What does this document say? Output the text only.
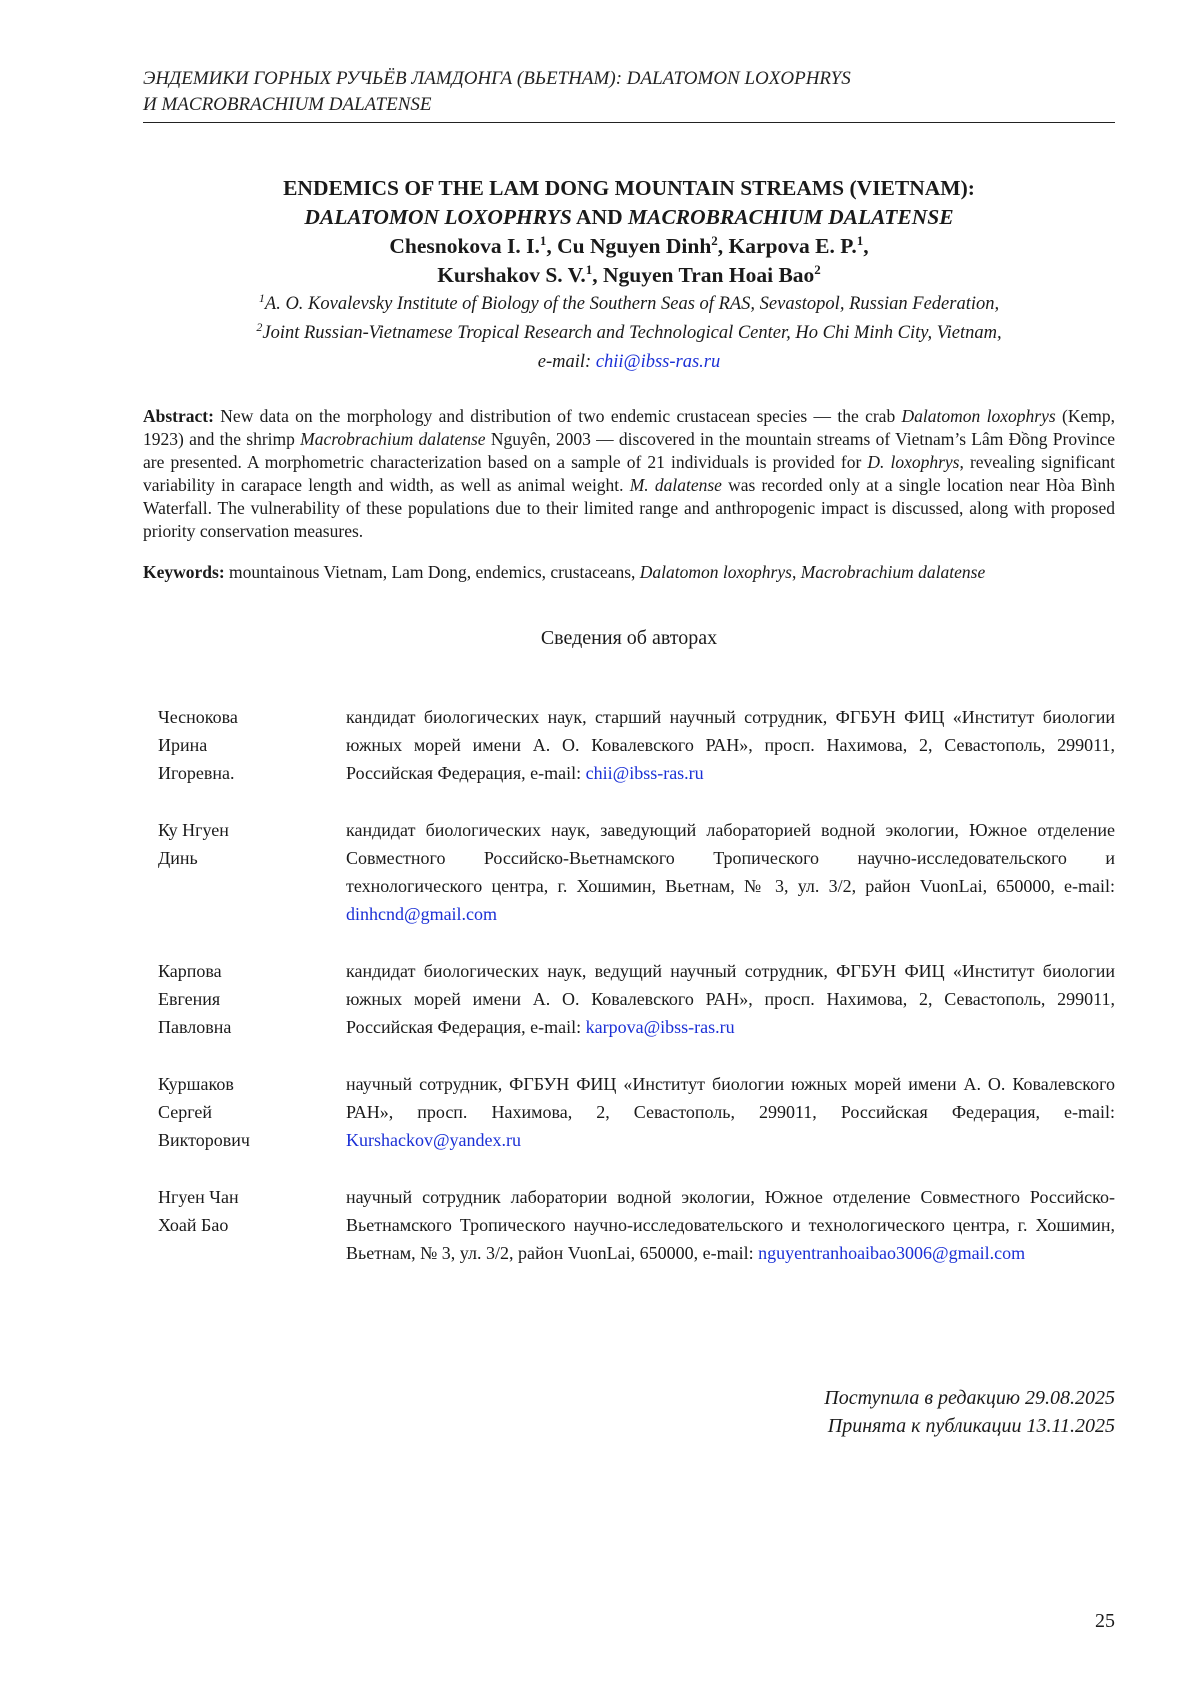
ЭНДЕМИКИ ГОРНЫХ РУЧЬЁВ ЛАМДОНГА (ВЬЕТНАМ): DALATOMON LOXOPHRYS
И MACROBRACHIUM DALATENSE
ENDEMICS OF THE LAM DONG MOUNTAIN STREAMS (VIETNAM):
DALATOMON LOXOPHRYS AND MACROBRACHIUM DALATENSE
Chesnokova I. I.$^1$, Cu Nguyen Dinh$^2$, Karpova E. P.$^1$,
Kurshakov S. V.$^1$, Nguyen Tran Hoai Bao$^2$
$^1$A. O. Kovalevsky Institute of Biology of the Southern Seas of RAS, Sevastopol, Russian Federation,
$^2$Joint Russian-Vietnamese Tropical Research and Technological Center, Ho Chi Minh City, Vietnam,
e-mail: chii@ibss-ras.ru
Abstract: New data on the morphology and distribution of two endemic crustacean species — the crab Dalatomon loxophrys (Kemp, 1923) and the shrimp Macrobrachium dalatense Nguyên, 2003 — discovered in the mountain streams of Vietnam’s Lâm Đồng Province are presented. A morphometric characterization based on a sample of 21 individuals is provided for D. loxophrys, revealing significant variability in carapace length and width, as well as animal weight. M. dalatense was recorded only at a single location near Hòa Bình Waterfall. The vulnerability of these populations due to their limited range and anthropogenic impact is discussed, along with proposed priority conservation measures.
Keywords: mountainous Vietnam, Lam Dong, endemics, crustaceans, Dalatomon loxophrys, Macrobrachium dalatense
Сведения об авторах
Чеснокова
Ирина
Игоревна.
кандидат биологических наук, старший научный сотрудник, ФГБУН ФИЦ «Институт биологии южных морей имени А. О. Ковалевского РАН», просп. Нахимова, 2, Севастополь, 299011, Российская Федерация, e-mail: chii@ibss-ras.ru
Ку Нгуен
Динь
кандидат биологических наук, заведующий лабораторией водной экологии, Южное отделение Совместного Российско-Вьетнамского Тропического научно-исследовательского и технологического центра, г. Хошимин, Вьетнам, № 3, ул. 3/2, район VuonLai, 650000, e-mail: dinhcnd@gmail.com
Карпова
Евгения
Павловна
кандидат биологических наук, ведущий научный сотрудник, ФГБУН ФИЦ «Институт биологии южных морей имени А. О. Ковалевского РАН», просп. Нахимова, 2, Севастополь, 299011, Российская Федерация, e-mail: karpova@ibss-ras.ru
Куршаков
Сергей
Викторович
научный сотрудник, ФГБУН ФИЦ «Институт биологии южных морей имени А. О. Ковалевского РАН», просп. Нахимова, 2, Севастополь, 299011, Российская Федерация, e-mail: Kurshackov@yandex.ru
Нгуен Чан
Хоай Бао
научный сотрудник лаборатории водной экологии, Южное отделение Совместного Российско-Вьетнамского Тропического научно-исследовательского и технологического центра, г. Хошимин, Вьетнам, № 3, ул. 3/2, район VuonLai, 650000, e-mail: nguyentranhoaibao3006@gmail.com
Поступила в редакцию 29.08.2025
Принята к публикации 13.11.2025
25
